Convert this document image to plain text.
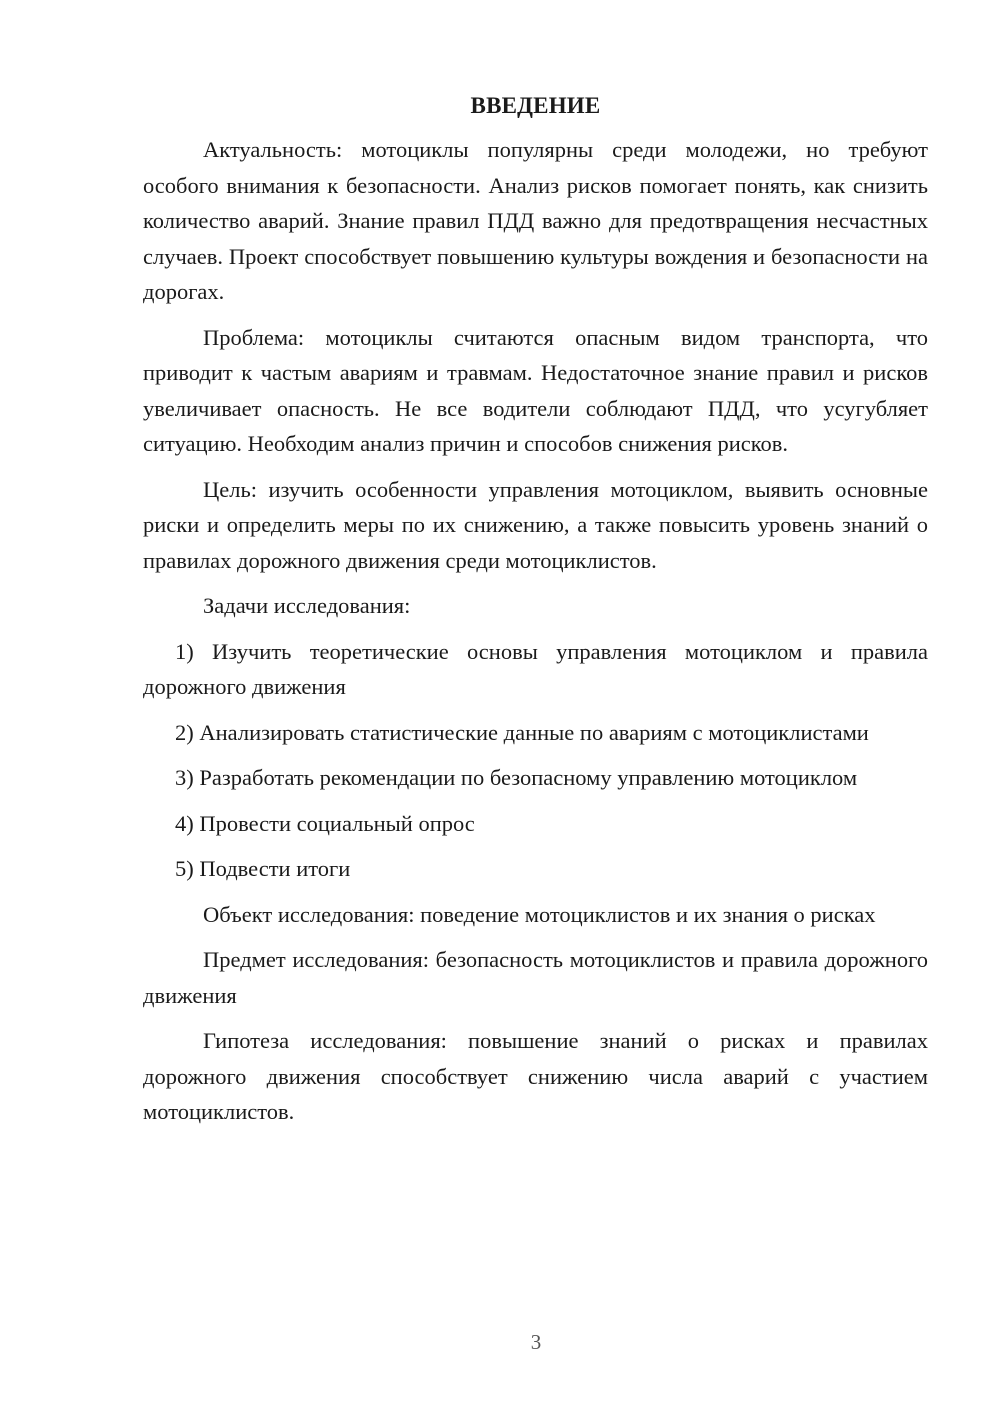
ВВЕДЕНИЕ

Актуальность: мотоциклы популярны среди молодежи, но требуют особого внимания к безопасности. Анализ рисков помогает понять, как снизить количество аварий. Знание правил ПДД важно для предотвращения несчастных случаев. Проект способствует повышению культуры вождения и безопасности на дорогах.

Проблема: мотоциклы считаются опасным видом транспорта, что приводит к частым авариям и травмам. Недостаточное знание правил и рисков увеличивает опасность. Не все водители соблюдают ПДД, что усугубляет ситуацию. Необходим анализ причин и способов снижения рисков.

Цель: изучить особенности управления мотоциклом, выявить основные риски и определить меры по их снижению, а также повысить уровень знаний о правилах дорожного движения среди мотоциклистов.

Задачи исследования:

1) Изучить теоретические основы управления мотоциклом и правила дорожного движения

2) Анализировать статистические данные по авариям с мотоциклистами

3) Разработать рекомендации по безопасному управлению мотоциклом

4) Провести социальный опрос

5) Подвести итоги

Объект исследования: поведение мотоциклистов и их знания о рисках

Предмет исследования: безопасность мотоциклистов и правила дорожного движения

Гипотеза исследования: повышение знаний о рисках и правилах дорожного движения способствует снижению числа аварий с участием мотоциклистов.

3
